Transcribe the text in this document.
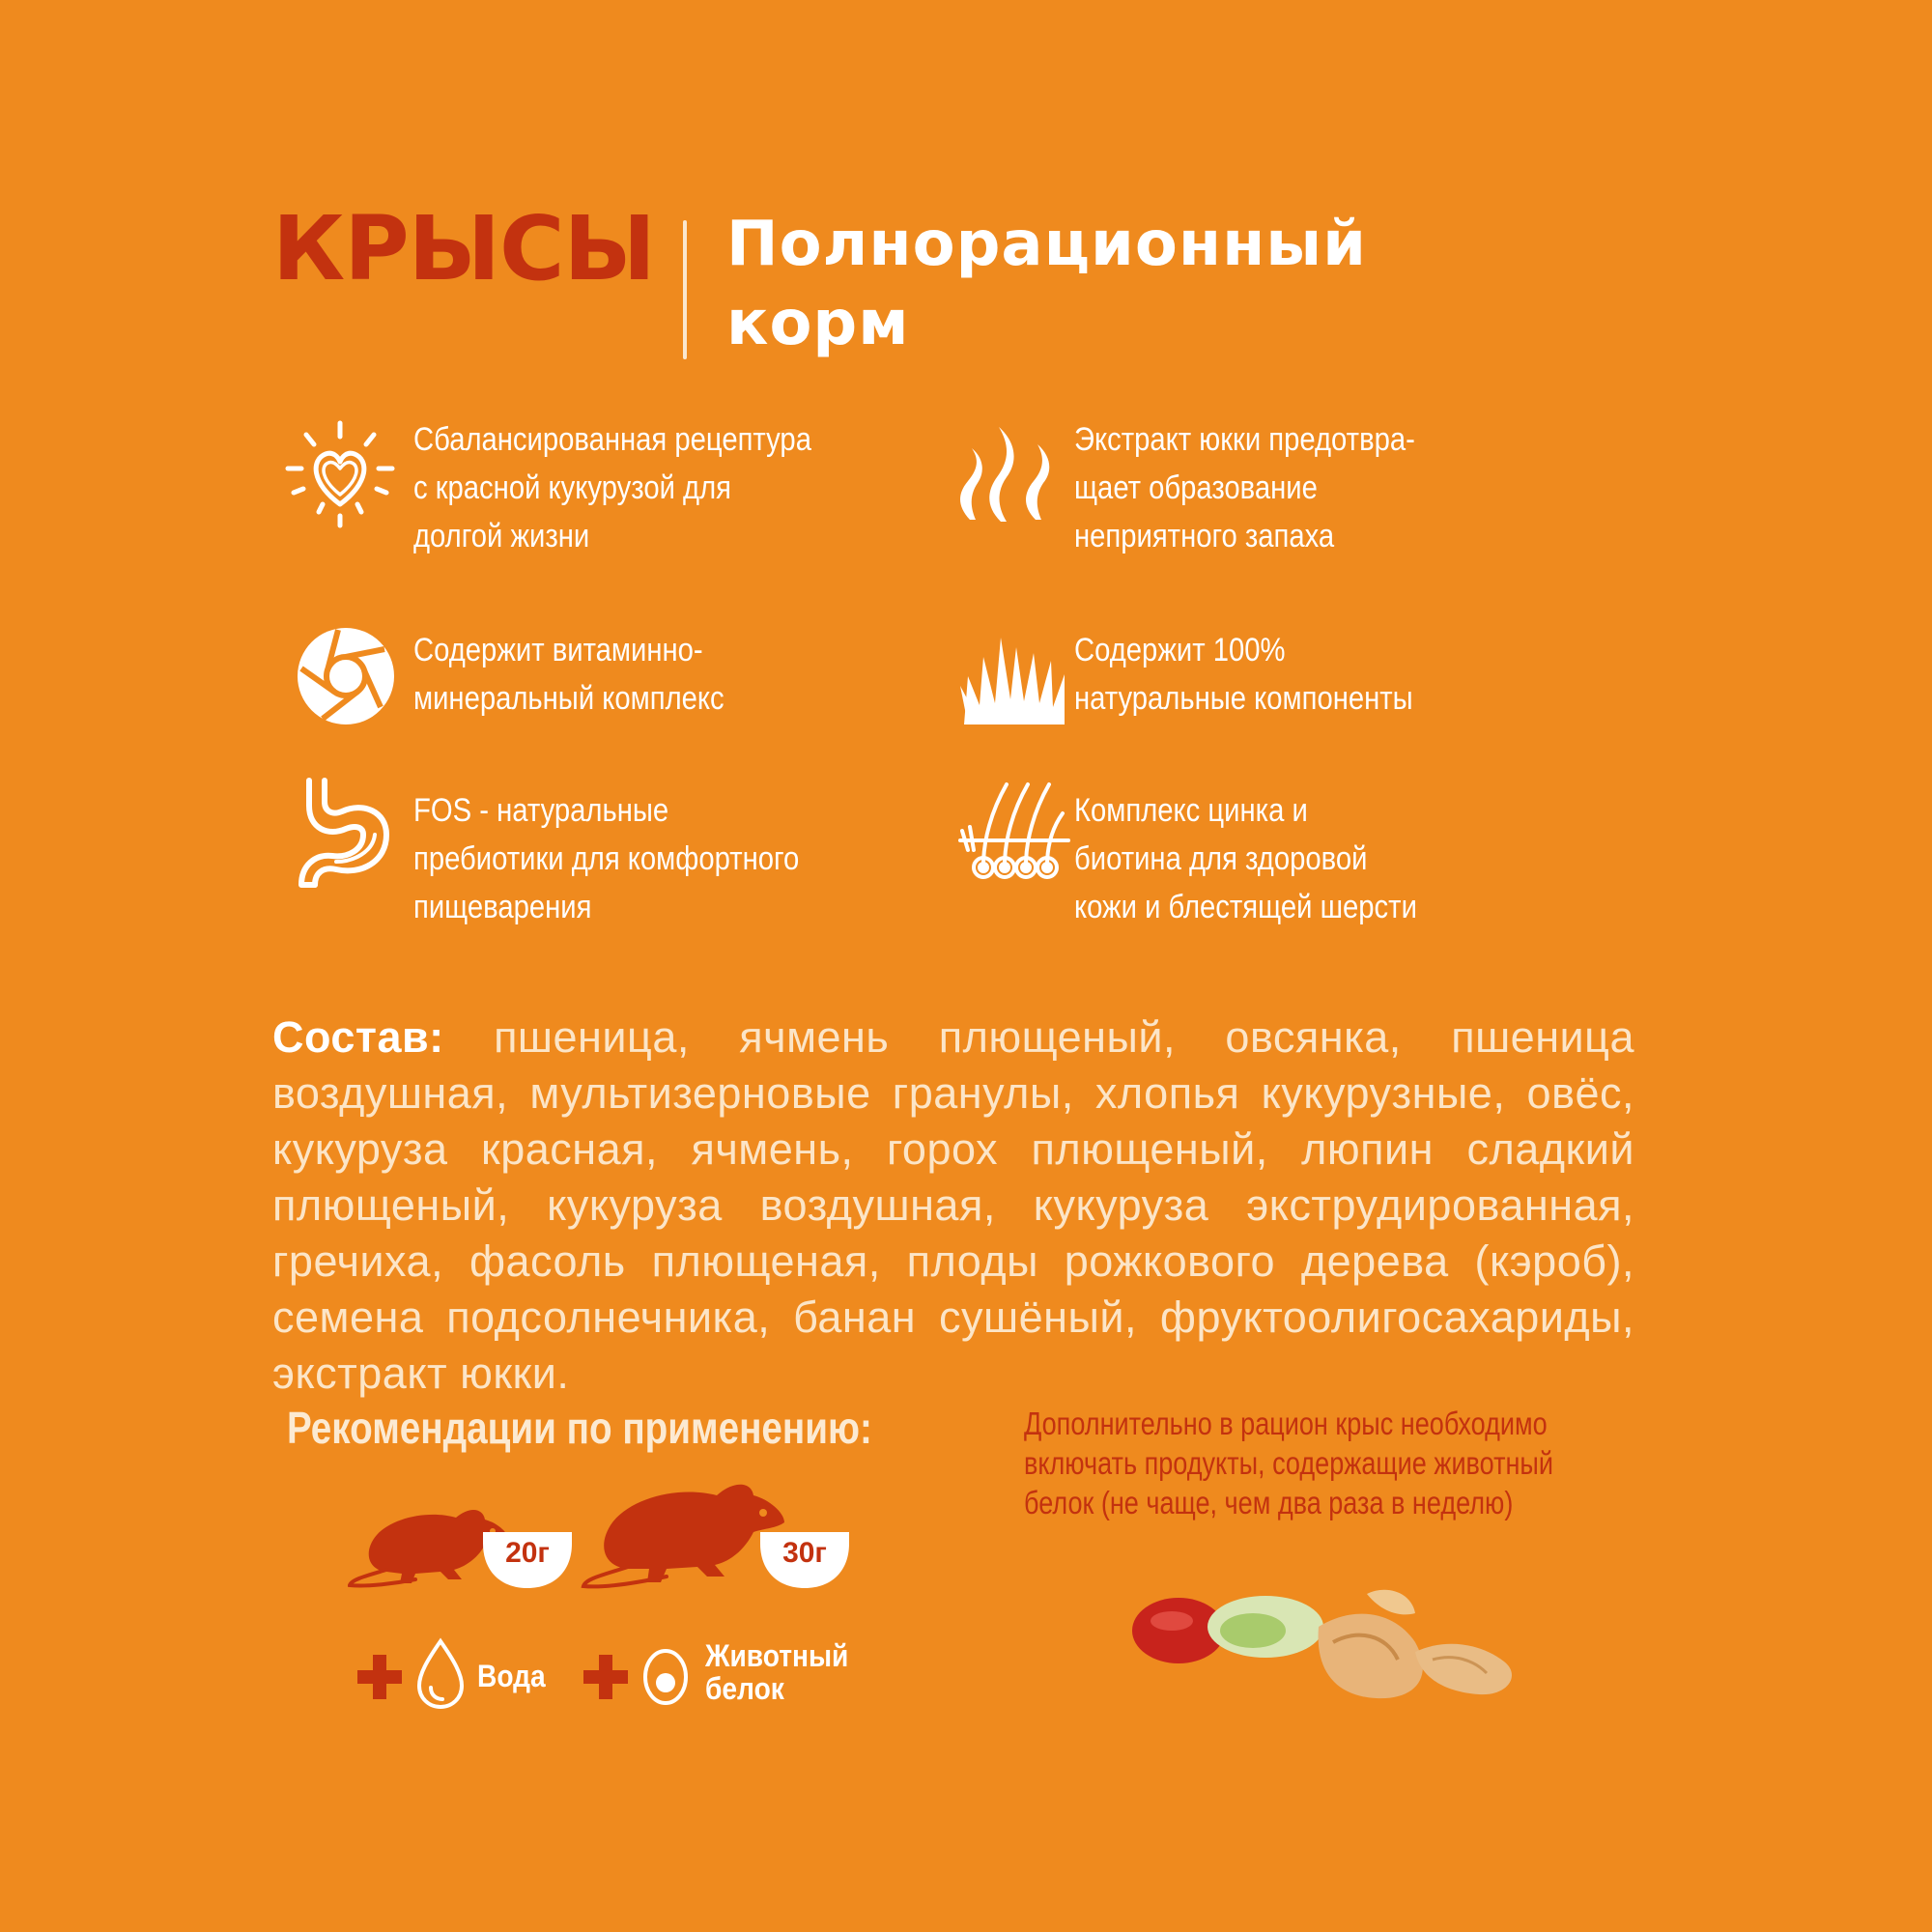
КРЫСЫ Полнорационный
корм
Сбалансированная рецептура
с красной кукурузой для
долгой жизни
Экстракт юкки предотвра-
щает образование
неприятного запаха
Содержит витаминно-
минеральный комплекс
Содержит 100%
натуральные компоненты
FOS - натуральные
пребиотики для комфортного
пищеварения
Комплекс цинка и
биотина для здоровой
кожи и блестящей шерсти
Состав: пшеница, ячмень плющеный, овсянка, пшеница воздушная, мультизерновые гранулы, хлопья кукурузные, овёс, кукуруза красная, ячмень, горох плющеный, люпин сладкий плющеный, кукуруза воздушная, кукуруза экструдированная, гречиха, фасоль плющеная, плоды рожкового дерева (кэроб), семена подсолнечника, банан сушёный, фруктоолигосахариды, экстракт юкки.
Рекомендации по применению:
20г	30г
Вода
Животный
белок
Дополнительно в рацион крыс необходимо
включать продукты, содержащие животный
белок (не чаще, чем два раза в неделю)
